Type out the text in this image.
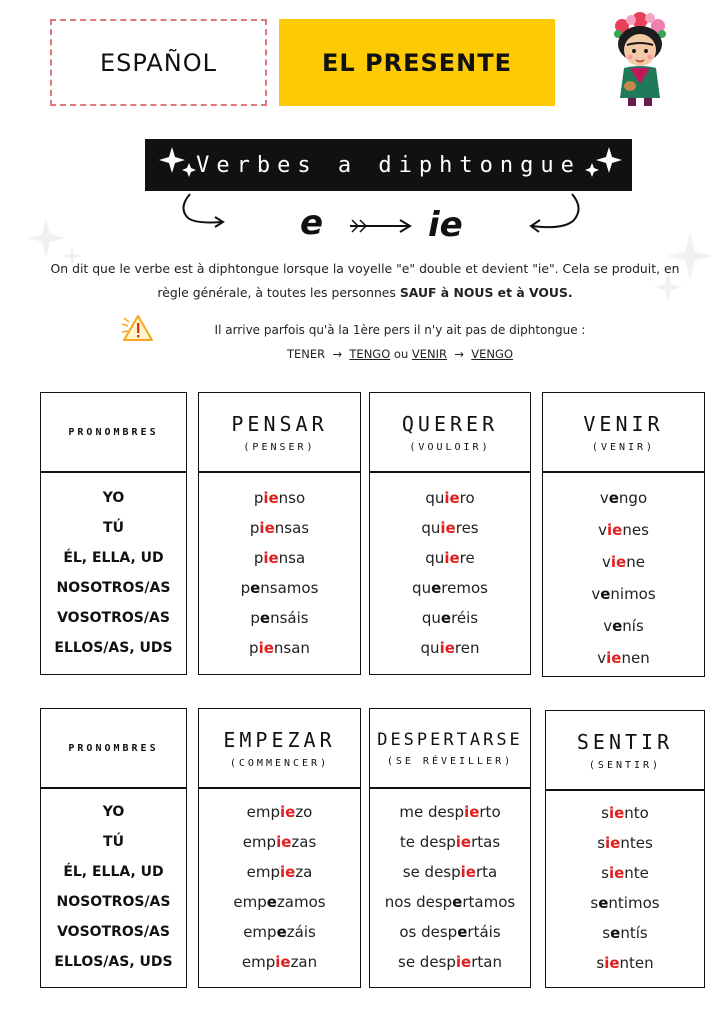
ESPAÑOL	EL PRESENTE
Verbes a diphtongue
e	ie
On dit que le verbe est à diphtongue lorsque la voyelle "e" double et devient "ie". Cela se produit, en
règle générale, à toutes les personnes SAUF à NOUS et à VOUS.
Il arrive parfois qu'à la 1ère pers il n'y ait pas de diphtongue :
TENER  →  TENGO ou VENIR  →  VENGO
PRONOMBRES
YO
TÚ
ÉL, ELLA, UD
NOSOTROS/AS
VOSOTROS/AS
ELLOS/AS, UDS
PENSAR
(PENSER)
pienso
piensas
piensa
pensamos
pensáis
piensan
QUERER
(VOULOIR)
quiero
quieres
quiere
queremos
queréis
quieren
VENIR
(VENIR)
vengo
vienes
viene
venimos
venís
vienen
PRONOMBRES
YO
TÚ
ÉL, ELLA, UD
NOSOTROS/AS
VOSOTROS/AS
ELLOS/AS, UDS
EMPEZAR
(COMMENCER)
empiezo
empiezas
empieza
empezamos
empezáis
empiezan
DESPERTARSE
(SE RÉVEILLER)
me despierto
te despiertas
se despierta
nos despertamos
os despertáis
se despiertan
SENTIR
(SENTIR)
siento
sientes
siente
sentimos
sentís
sienten
